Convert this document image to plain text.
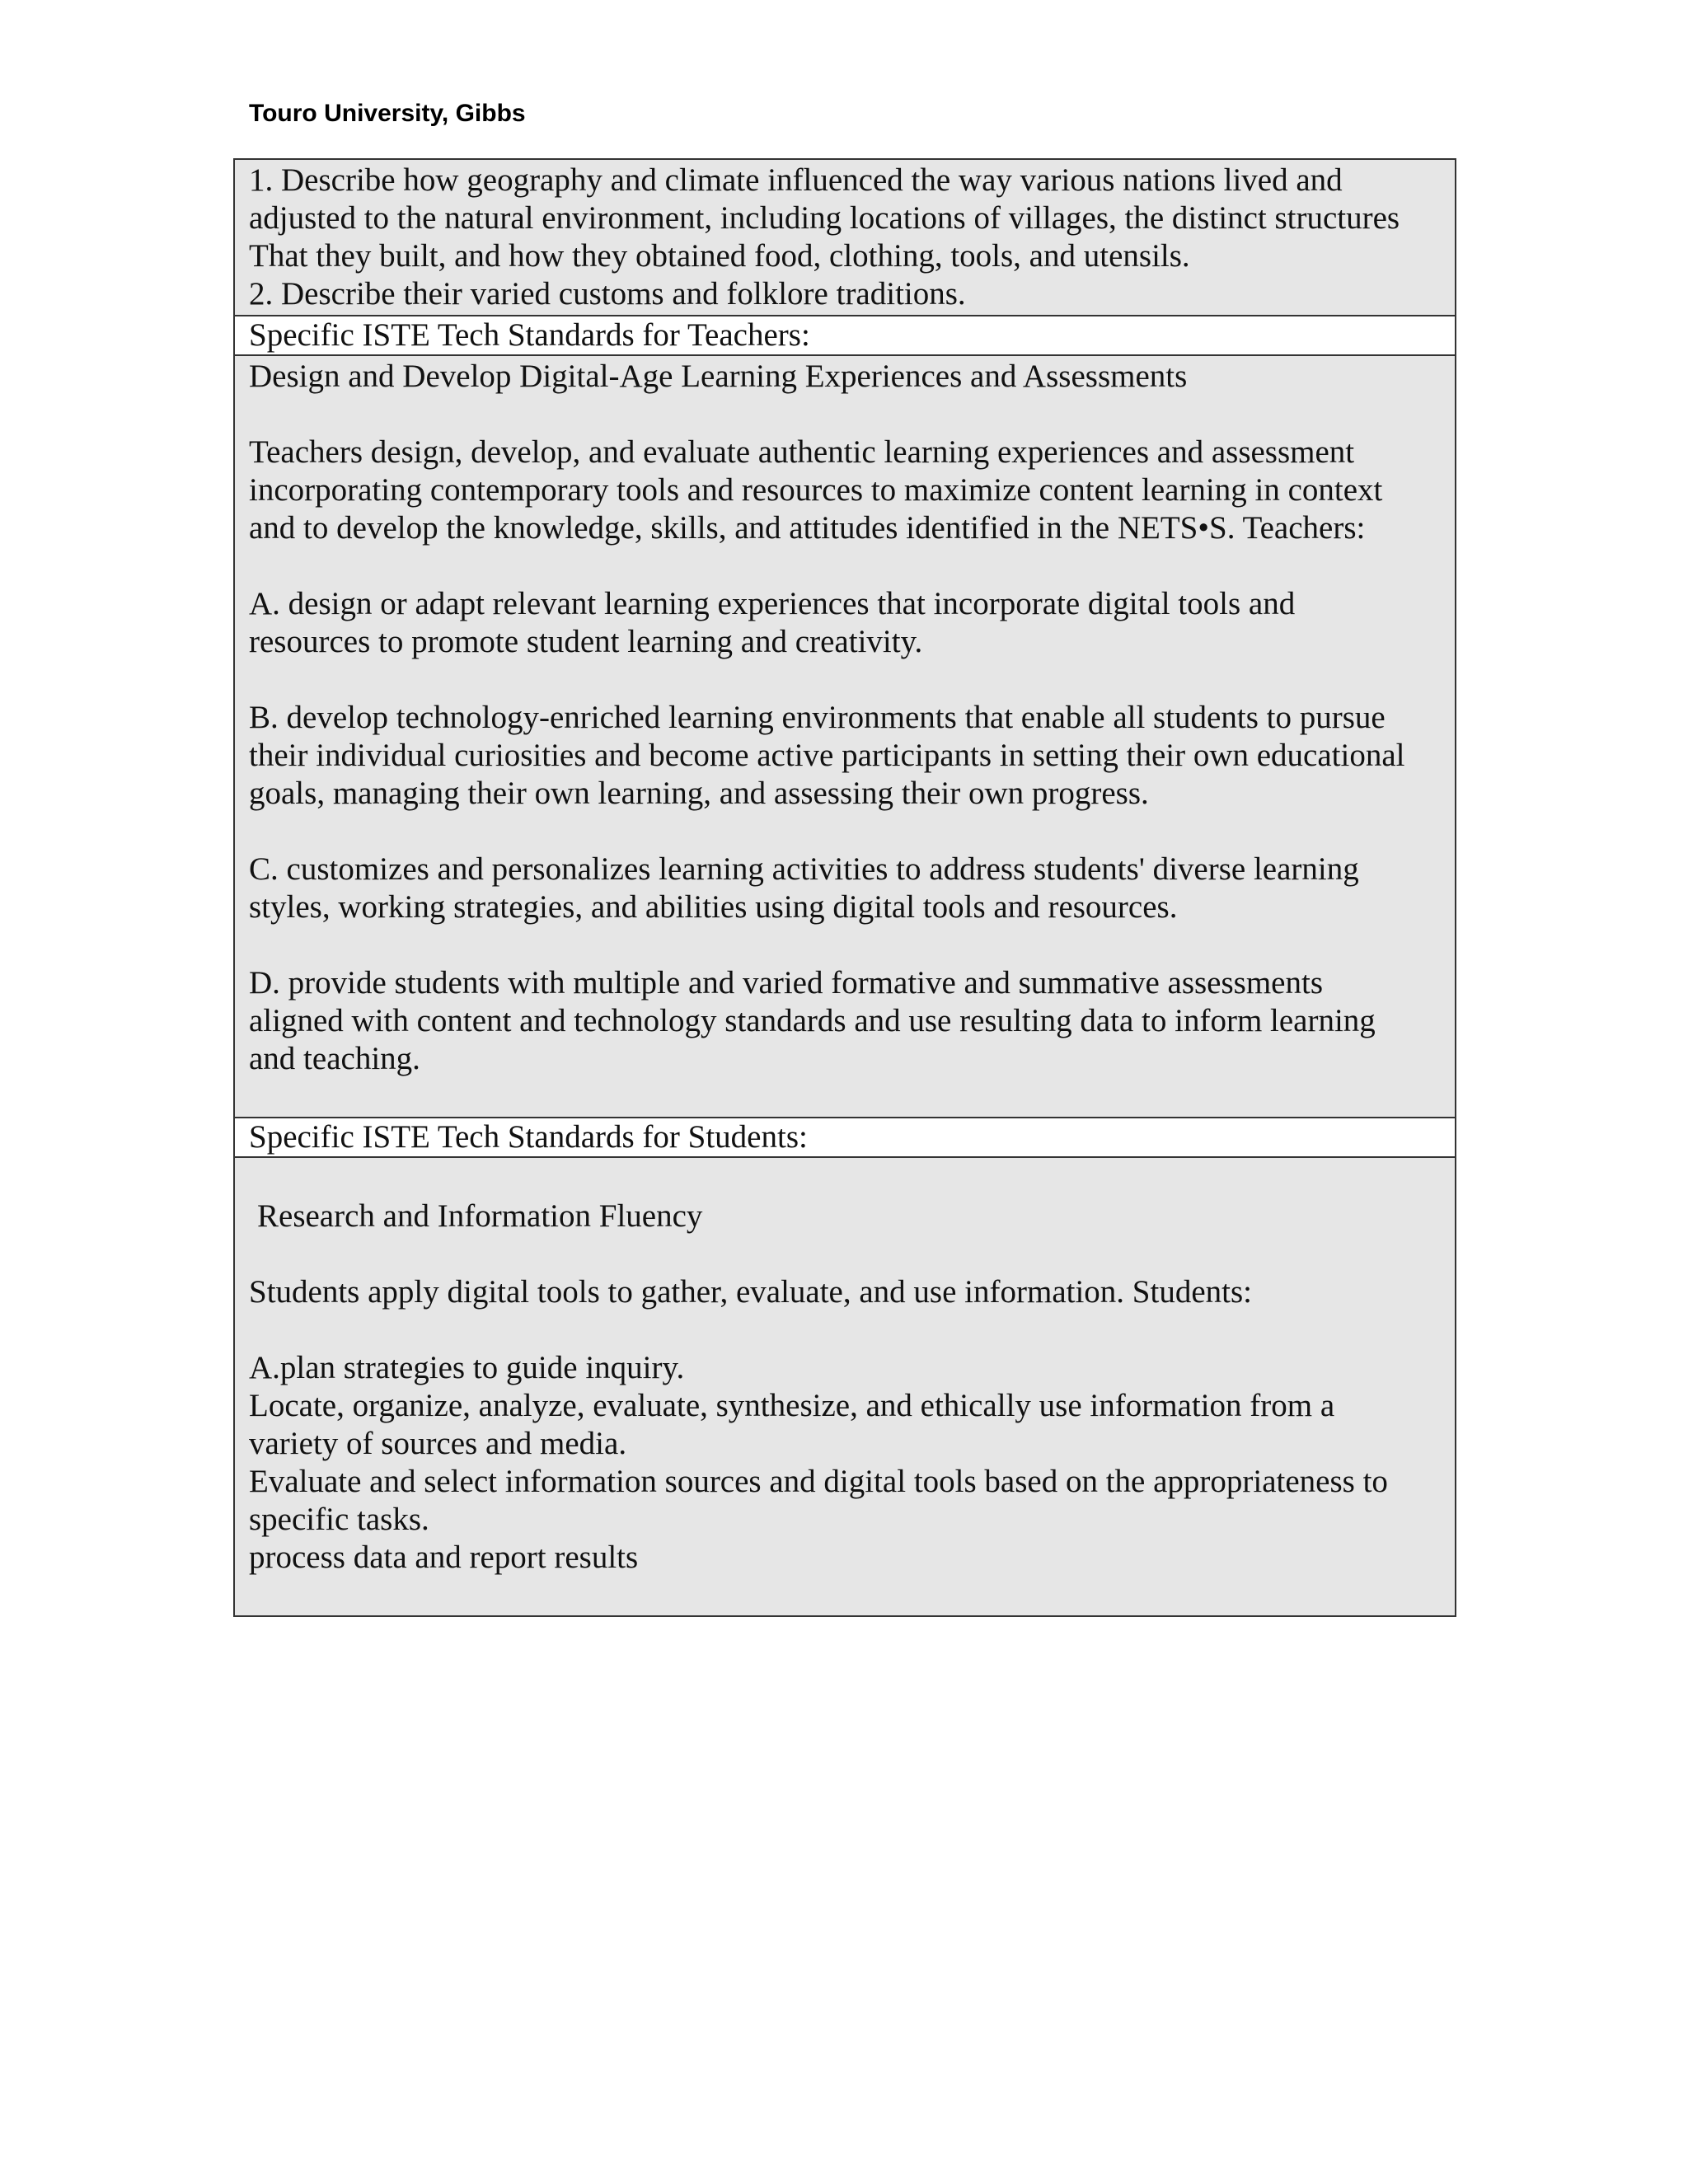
Touro University, Gibbs
1. Describe how geography and climate influenced the way various nations lived and
adjusted to the natural environment, including locations of villages, the distinct structures
That they built, and how they obtained food, clothing, tools, and utensils.
2. Describe their varied customs and folklore traditions.
Specific ISTE Tech Standards for Teachers:
Design and Develop Digital-Age Learning Experiences and Assessments
Teachers design, develop, and evaluate authentic learning experiences and assessment
incorporating contemporary tools and resources to maximize content learning in context
and to develop the knowledge, skills, and attitudes identified in the NETS•S. Teachers:
A. design or adapt relevant learning experiences that incorporate digital tools and
resources to promote student learning and creativity.
B. develop technology-enriched learning environments that enable all students to pursue
their individual curiosities and become active participants in setting their own educational
goals, managing their own learning, and assessing their own progress.
C. customizes and personalizes learning activities to address students' diverse learning
styles, working strategies, and abilities using digital tools and resources.
D. provide students with multiple and varied formative and summative assessments
aligned with content and technology standards and use resulting data to inform learning
and teaching.
Specific ISTE Tech Standards for Students:
Research and Information Fluency
Students apply digital tools to gather, evaluate, and use information. Students:
A.plan strategies to guide inquiry.
Locate, organize, analyze, evaluate, synthesize, and ethically use information from a
variety of sources and media.
Evaluate and select information sources and digital tools based on the appropriateness to
specific tasks.
process data and report results
